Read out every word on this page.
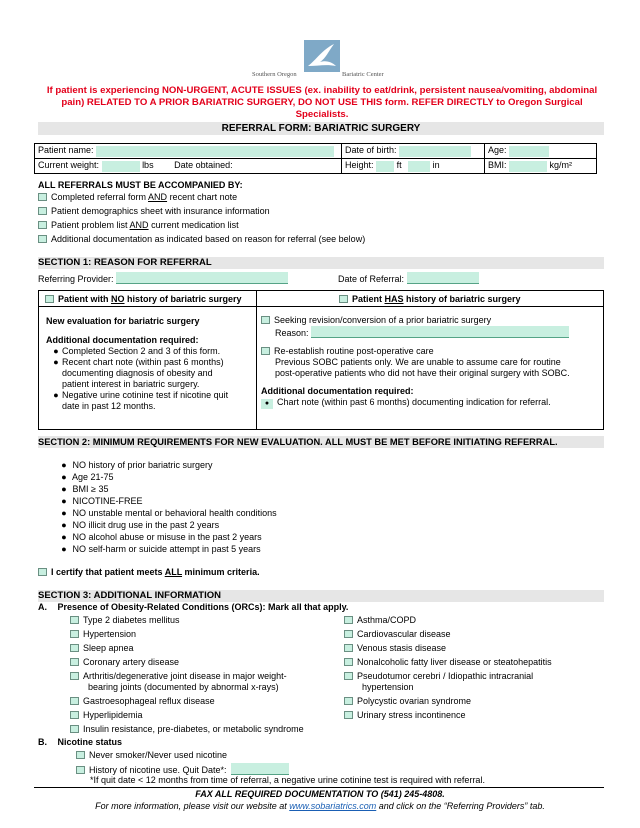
Southern Oregon	Bariatric Center
If patient is experiencing NON-URGENT, ACUTE ISSUES (ex. inability to eat/drink, persistent nausea/vomiting, abdominal pain) RELATED TO A PRIOR BARIATRIC SURGERY, DO NOT USE THIS form. REFER DIRECTLY to Oregon Surgical Specialists.
REFERRAL FORM: BARIATRIC SURGERY
Patient name:	Date of birth:	Age:
Current weight: lbs Date obtained:	Height: ft in	BMI: kg/m²
ALL REFERRALS MUST BE ACCOMPANIED BY:
Completed referral form AND recent chart note
Patient demographics sheet with insurance information
Patient problem list AND current medication list
Additional documentation as indicated based on reason for referral (see below)
SECTION 1: REASON FOR REFERRAL
Referring Provider:	Date of Referral:
Patient with NO history of bariatric surgery	Patient HAS history of bariatric surgery
New evaluation for bariatric surgery
Additional documentation required:
● Completed Section 2 and 3 of this form.
● Recent chart note (within past 6 months)
documenting diagnosis of obesity and
patient interest in bariatric surgery.
● Negative urine cotinine test if nicotine quit
date in past 12 months.
Seeking revision/conversion of a prior bariatric surgery
Reason:
Re-establish routine post-operative care
Previous SOBC patients only. We are unable to assume care for routine
post-operative patients who did not have their original surgery with SOBC.
Additional documentation required:
● Chart note (within past 6 months) documenting indication for referral.
SECTION 2: MINIMUM REQUIREMENTS FOR NEW EVALUATION. ALL MUST BE MET BEFORE INITIATING REFERRAL.
● NO history of prior bariatric surgery
● Age 21-75
● BMI ≥ 35
● NICOTINE-FREE
● NO unstable mental or behavioral health conditions
● NO illicit drug use in the past 2 years
● NO alcohol abuse or misuse in the past 2 years
● NO self-harm or suicide attempt in past 5 years
I certify that patient meets ALL minimum criteria.
SECTION 3: ADDITIONAL INFORMATION
A. Presence of Obesity-Related Conditions (ORCs): Mark all that apply.
Type 2 diabetes mellitus
Hypertension
Sleep apnea
Coronary artery disease
Arthritis/degenerative joint disease in major weight-
bearing joints (documented by abnormal x-rays)
Gastroesophageal reflux disease
Hyperlipidemia
Insulin resistance, pre-diabetes, or metabolic syndrome
Asthma/COPD
Cardiovascular disease
Venous stasis disease
Nonalcoholic fatty liver disease or steatohepatitis
Pseudotumor cerebri / Idiopathic intracranial
hypertension
Polycystic ovarian syndrome
Urinary stress incontinence
B. Nicotine status
Never smoker/Never used nicotine
History of nicotine use. Quit Date*:
*If quit date < 12 months from time of referral, a negative urine cotinine test is required with referral.
FAX ALL REQUIRED DOCUMENTATION TO (541) 245-4808.
For more information, please visit our website at www.sobariatrics.com and click on the “Referring Providers” tab.
